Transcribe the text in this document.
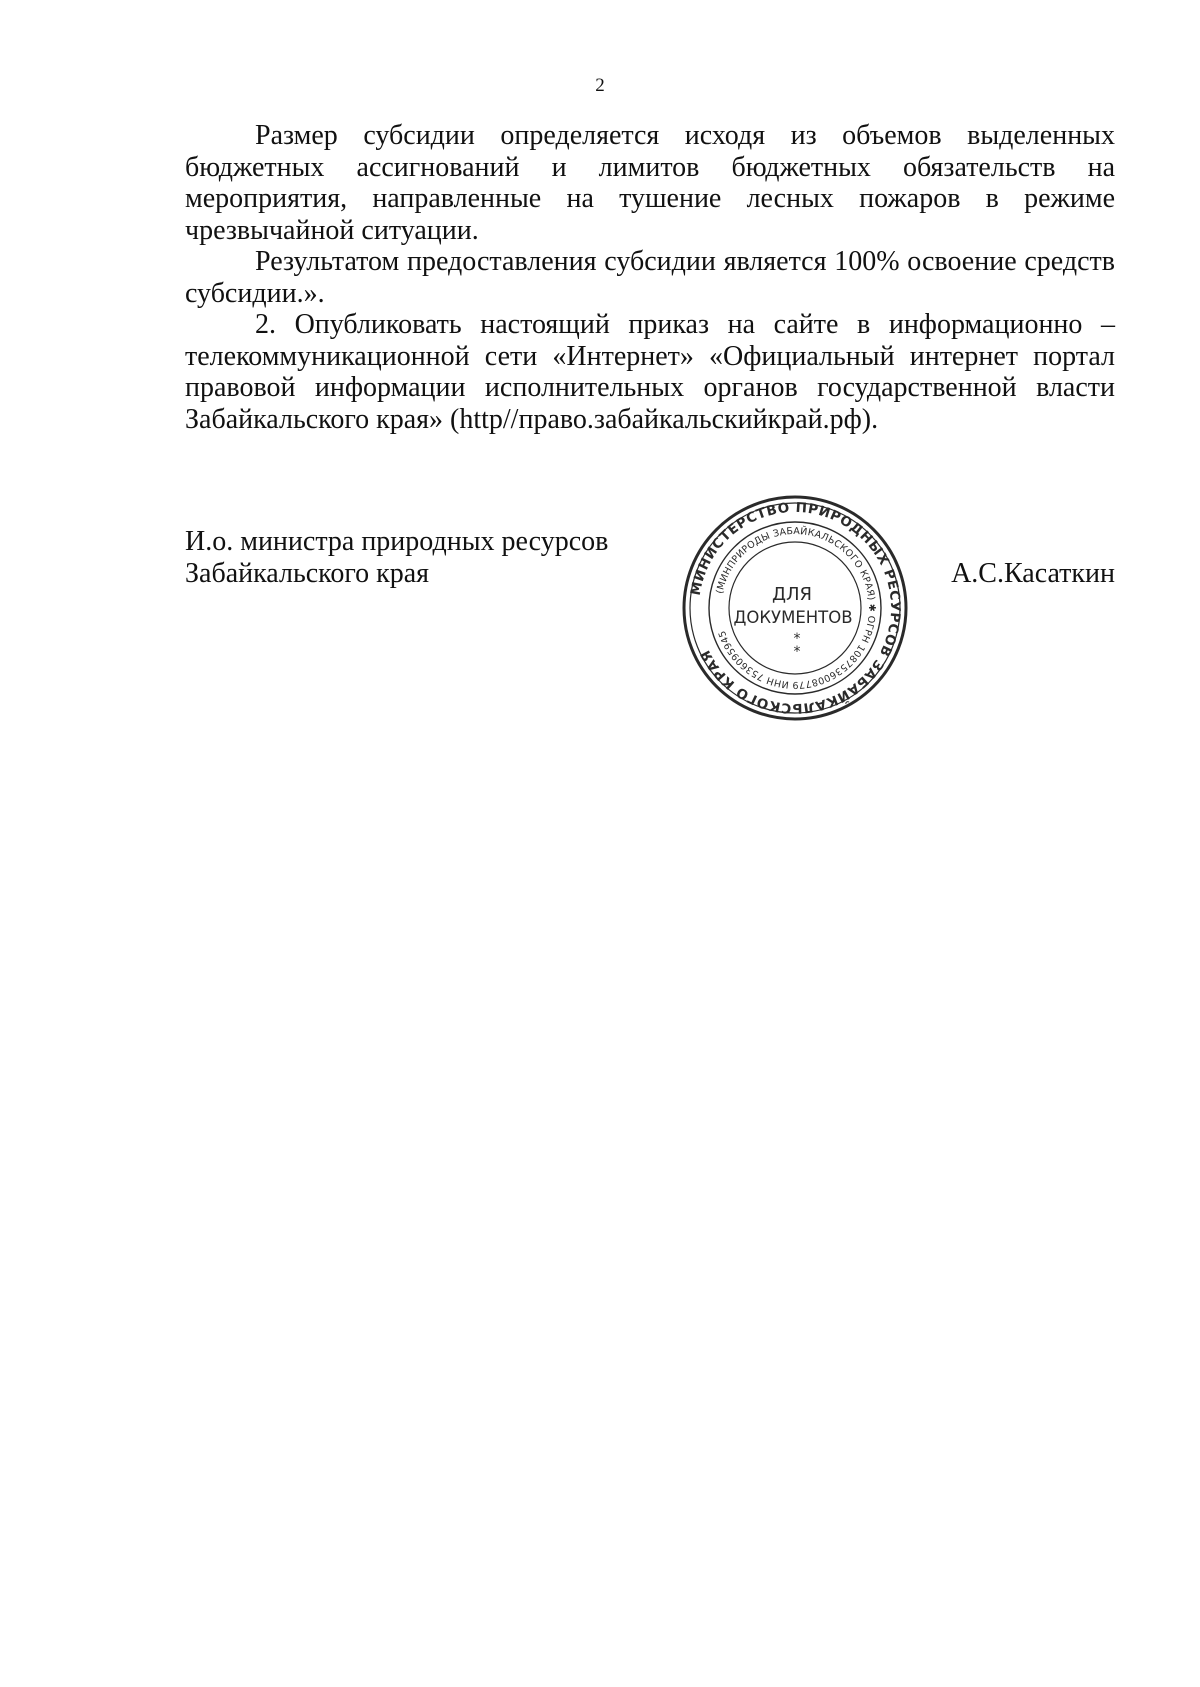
2

Размер субсидии определяется исходя из объемов выделенных бюджетных ассигнований и лимитов бюджетных обязательств на мероприятия, направленные на тушение лесных пожаров в режиме чрезвычайной ситуации.

Результатом предоставления субсидии является 100% освоение средств субсидии.».

2. Опубликовать настоящий приказ на сайте в информационно – телекоммуникационной сети «Интернет» «Официальный интернет портал правовой информации исполнительных органов государственной власти Забайкальского края» (http//право.забайкальскийкрай.рф).

И.о. министра природных ресурсов
Забайкальского края	А.С.Касаткин
МИНИСТЕРСТВО ПРИРОДНЫХ РЕСУРСОВ ЗАБАЙКАЛЬСКОГО КРАЯ
(МИНПРИРОДЫ ЗАБАЙКАЛЬСКОГО КРАЯ) ✱ ОГРН 1087536008779 ИНН 7536095945
ДЛЯ
ДОКУМЕНТОВ
*
*
